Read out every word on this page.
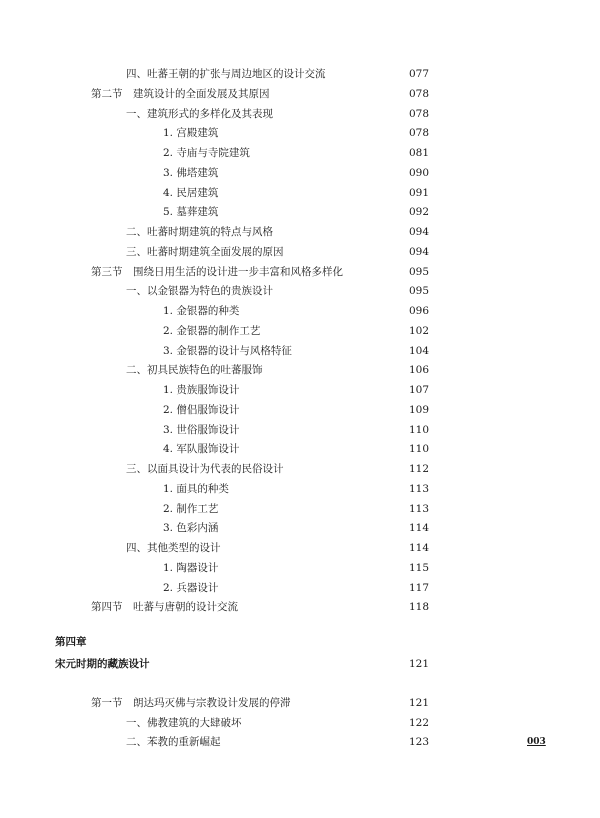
四、吐蕃王朝的扩张与周边地区的设计交流	077
第二节　建筑设计的全面发展及其原因	078
一、建筑形式的多样化及其表现	078
1. 宫殿建筑	078
2. 寺庙与寺院建筑	081
3. 佛塔建筑	090
4. 民居建筑	091
5. 墓葬建筑	092
二、吐蕃时期建筑的特点与风格	094
三、吐蕃时期建筑全面发展的原因	094
第三节　围绕日用生活的设计进一步丰富和风格多样化	095
一、以金银器为特色的贵族设计	095
1. 金银器的种类	096
2. 金银器的制作工艺	102
3. 金银器的设计与风格特征	104
二、初具民族特色的吐蕃服饰	106
1. 贵族服饰设计	107
2. 僧侣服饰设计	109
3. 世俗服饰设计	110
4. 军队服饰设计	110
三、以面具设计为代表的民俗设计	112
1. 面具的种类	113
2. 制作工艺	113
3. 色彩内涵	114
四、其他类型的设计	114
1. 陶器设计	115
2. 兵器设计	117
第四节　吐蕃与唐朝的设计交流	118
第四章
宋元时期的藏族设计	121
第一节　朗达玛灭佛与宗教设计发展的停滞	121
一、佛教建筑的大肆破坏	122
二、苯教的重新崛起	123	003
